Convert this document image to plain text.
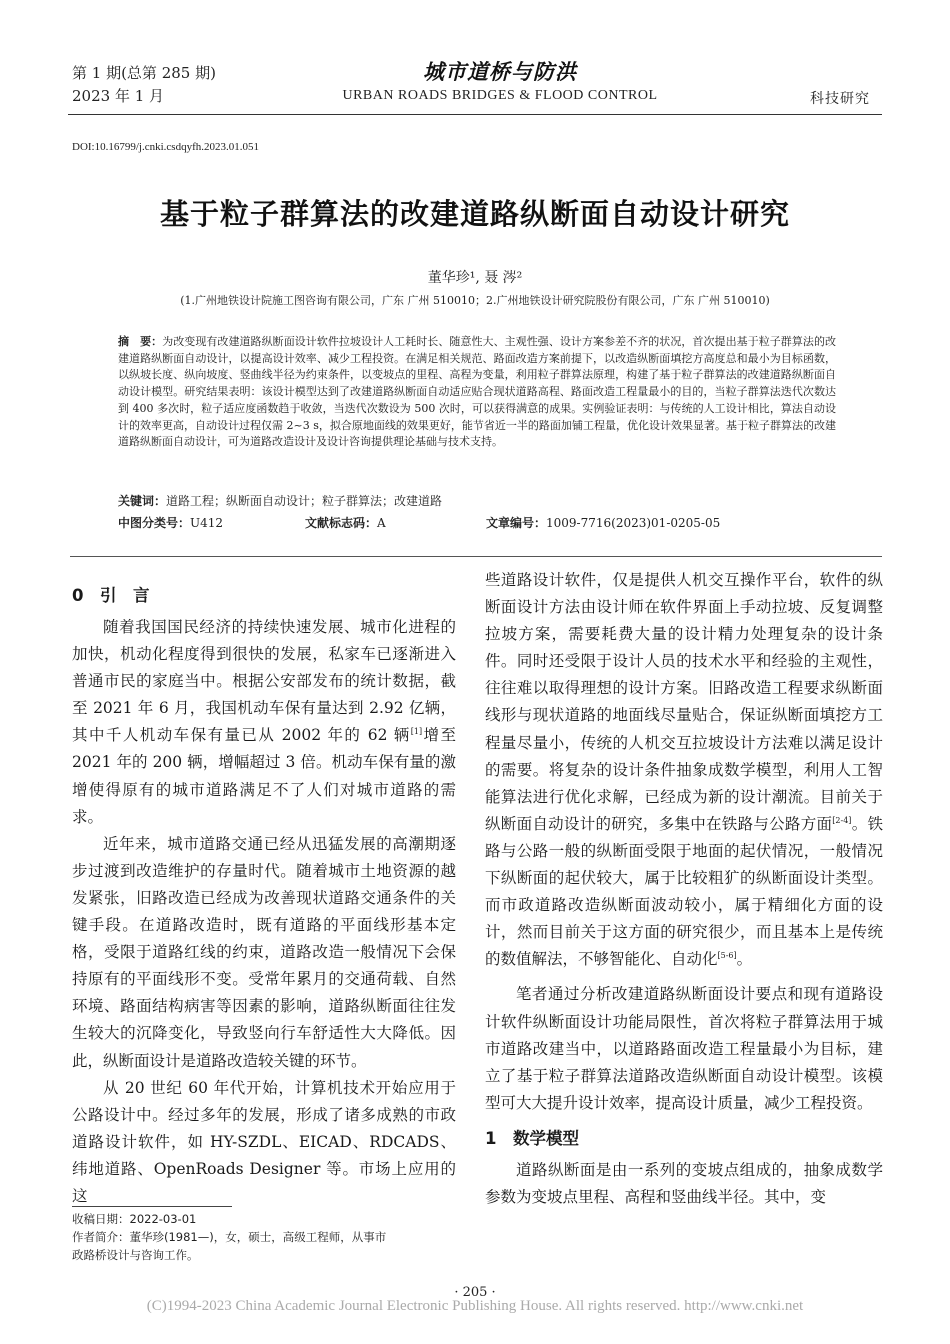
第 1 期(总第 285 期)
2023 年 1 月
城市道桥与防洪
URBAN ROADS BRIDGES & FLOOD CONTROL	科技研究
DOI:10.16799/j.cnki.csdqyfh.2023.01.051
基于粒子群算法的改建道路纵断面自动设计研究
董华珍¹, 聂 涔²
(1.广州地铁设计院施工图咨询有限公司，广东 广州 510010；2.广州地铁设计研究院股份有限公司，广东 广州 510010)
摘　要：为改变现有改建道路纵断面设计软件拉坡设计人工耗时长、随意性大、主观性强、设计方案参差不齐的状况，首次提出基于粒子群算法的改建道路纵断面自动设计，以提高设计效率、减少工程投资。在满足相关规范、路面改造方案前提下，以改造纵断面填挖方高度总和最小为目标函数，以纵坡长度、纵向坡度、竖曲线半径为约束条件，以变坡点的里程、高程为变量，利用粒子群算法原理，构建了基于粒子群算法的改建道路纵断面自动设计模型。研究结果表明：该设计模型达到了改建道路纵断面自动适应贴合现状道路高程、路面改造工程量最小的目的，当粒子群算法迭代次数达到 400 多次时，粒子适应度函数趋于收敛，当迭代次数设为 500 次时，可以获得满意的成果。实例验证表明：与传统的人工设计相比，算法自动设计的效率更高，自动设计过程仅需 2~3 s，拟合原地面线的效果更好，能节省近一半的路面加铺工程量，优化设计效果显著。基于粒子群算法的改建道路纵断面自动设计，可为道路改造设计及设计咨询提供理论基础与技术支持。
关键词：道路工程；纵断面自动设计；粒子群算法；改建道路
中图分类号：U412	文献标志码：A	文章编号：1009-7716(2023)01-0205-05
0　引　言

随着我国国民经济的持续快速发展、城市化进程的加快，机动化程度得到很快的发展，私家车已逐渐进入普通市民的家庭当中。根据公安部发布的统计数据，截至 2021 年 6 月，我国机动车保有量达到 2.92 亿辆，其中千人机动车保有量已从 2002 年的 62 辆[1]增至 2021 年的 200 辆，增幅超过 3 倍。机动车保有量的激增使得原有的城市道路满足不了人们对城市道路的需求。

近年来，城市道路交通已经从迅猛发展的高潮期逐步过渡到改造维护的存量时代。随着城市土地资源的越发紧张，旧路改造已经成为改善现状道路交通条件的关键手段。在道路改造时，既有道路的平面线形基本定格，受限于道路红线的约束，道路改造一般情况下会保持原有的平面线形不变。受常年累月的交通荷载、自然环境、路面结构病害等因素的影响，道路纵断面往往发生较大的沉降变化，导致竖向行车舒适性大大降低。因此，纵断面设计是道路改造较关键的环节。

从 20 世纪 60 年代开始，计算机技术开始应用于公路设计中。经过多年的发展，形成了诸多成熟的市政道路设计软件，如 HY-SZDL、EICAD、RDCADS、纬地道路、OpenRoads Designer 等。市场上应用的这

些道路设计软件，仅是提供人机交互操作平台，软件的纵断面设计方法由设计师在软件界面上手动拉坡、反复调整拉坡方案，需要耗费大量的设计精力处理复杂的设计条件。同时还受限于设计人员的技术水平和经验的主观性，往往难以取得理想的设计方案。旧路改造工程要求纵断面线形与现状道路的地面线尽量贴合，保证纵断面填挖方工程量尽量小，传统的人机交互拉坡设计方法难以满足设计的需要。将复杂的设计条件抽象成数学模型，利用人工智能算法进行优化求解，已经成为新的设计潮流。目前关于纵断面自动设计的研究，多集中在铁路与公路方面[2-4]。铁路与公路一般的纵断面受限于地面的起伏情况，一般情况下纵断面的起伏较大，属于比较粗犷的纵断面设计类型。而市政道路改造纵断面波动较小，属于精细化方面的设计，然而目前关于这方面的研究很少，而且基本上是传统的数值解法，不够智能化、自动化[5-6]。

笔者通过分析改建道路纵断面设计要点和现有道路设计软件纵断面设计功能局限性，首次将粒子群算法用于城市道路改建当中，以道路路面改造工程量最小为目标，建立了基于粒子群算法道路改造纵断面自动设计模型。该模型可大大提升设计效率，提高设计质量，减少工程投资。

1　数学模型

道路纵断面是由一系列的变坡点组成的，抽象成数学参数为变坡点里程、高程和竖曲线半径。其中，变

收稿日期：2022-03-01
作者简介：董华珍(1981—)，女，硕士，高级工程师，从事市
政路桥设计与咨询工作。
· 205 ·
(C)1994-2023 China Academic Journal Electronic Publishing House. All rights reserved. http://www.cnki.net
